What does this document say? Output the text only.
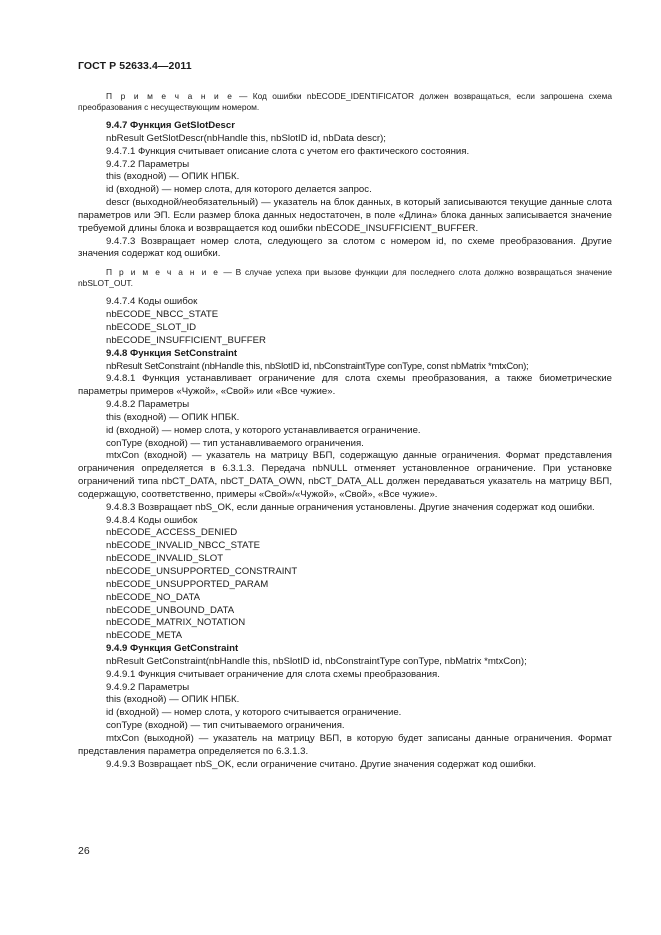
ГОСТ Р 52633.4—2011

П р и м е ч а н и е — Код ошибки nbECODE_IDENTIFICATOR должен возвращаться, если запрошена схема преобразования с несуществующим номером.

9.4.7 Функция GetSlotDescr

nbResult GetSlotDescr(nbHandle this, nbSlotID id, nbData descr);

9.4.7.1 Функция считывает описание слота с учетом его фактического состояния.

9.4.7.2 Параметры

this (входной) — ОПИК НПБК.

id (входной) — номер слота, для которого делается запрос.

descr (выходной/необязательный) — указатель на блок данных, в который записываются текущие данные слота параметров или ЭП. Если размер блока данных недостаточен, в поле «Длина» блока данных записывается значение требуемой длины блока и возвращается код ошибки nbECODE_INSUFFICIENT_BUFFER.

9.4.7.3 Возвращает номер слота, следующего за слотом с номером id, по схеме преобразования. Другие значения содержат код ошибки.

П р и м е ч а н и е — В случае успеха при вызове функции для последнего слота должно возвращаться значение nbSLOT_OUT.

9.4.7.4 Коды ошибок

nbECODE_NBCC_STATE

nbECODE_SLOT_ID

nbECODE_INSUFFICIENT_BUFFER

9.4.8 Функция SetConstraint

nbResult SetConstraint (nbHandle this, nbSlotID id, nbConstraintType conType, const nbMatrix *mtxCon);

9.4.8.1 Функция устанавливает ограничение для слота схемы преобразования, а также биометрические параметры примеров «Чужой», «Свой» или «Все чужие».

9.4.8.2 Параметры

this (входной) — ОПИК НПБК.

id (входной) — номер слота, у которого устанавливается ограничение.

conType (входной) — тип устанавливаемого ограничения.

mtxCon (входной) — указатель на матрицу ВБП, содержащую данные ограничения. Формат представления ограничения определяется в 6.3.1.3. Передача nbNULL отменяет установленное ограничение. При установке ограничений типа nbCT_DATA, nbCT_DATA_OWN, nbCT_DATA_ALL должен передаваться указатель на матрицу ВБП, содержащую, соответственно, примеры «Свой»/«Чужой», «Свой», «Все чужие».

9.4.8.3 Возвращает nbS_OK, если данные ограничения установлены. Другие значения содержат код ошибки.

9.4.8.4 Коды ошибок

nbECODE_ACCESS_DENIED

nbECODE_INVALID_NBCC_STATE

nbECODE_INVALID_SLOT

nbECODE_UNSUPPORTED_CONSTRAINT

nbECODE_UNSUPPORTED_PARAM

nbECODE_NO_DATA

nbECODE_UNBOUND_DATA

nbECODE_MATRIX_NOTATION

nbECODE_META

9.4.9 Функция GetConstraint

nbResult GetConstraint(nbHandle this, nbSlotID id, nbConstraintType conType, nbMatrix *mtxCon);

9.4.9.1 Функция считывает ограничение для слота схемы преобразования.

9.4.9.2 Параметры

this (входной) — ОПИК НПБК.

id (входной) — номер слота, у которого считывается ограничение.

conType (входной) — тип считываемого ограничения.

mtxCon (выходной) — указатель на матрицу ВБП, в которую будет записаны данные ограничения. Формат представления параметра определяется по 6.3.1.3.

9.4.9.3 Возвращает nbS_OK, если ограничение считано. Другие значения содержат код ошибки.

26
